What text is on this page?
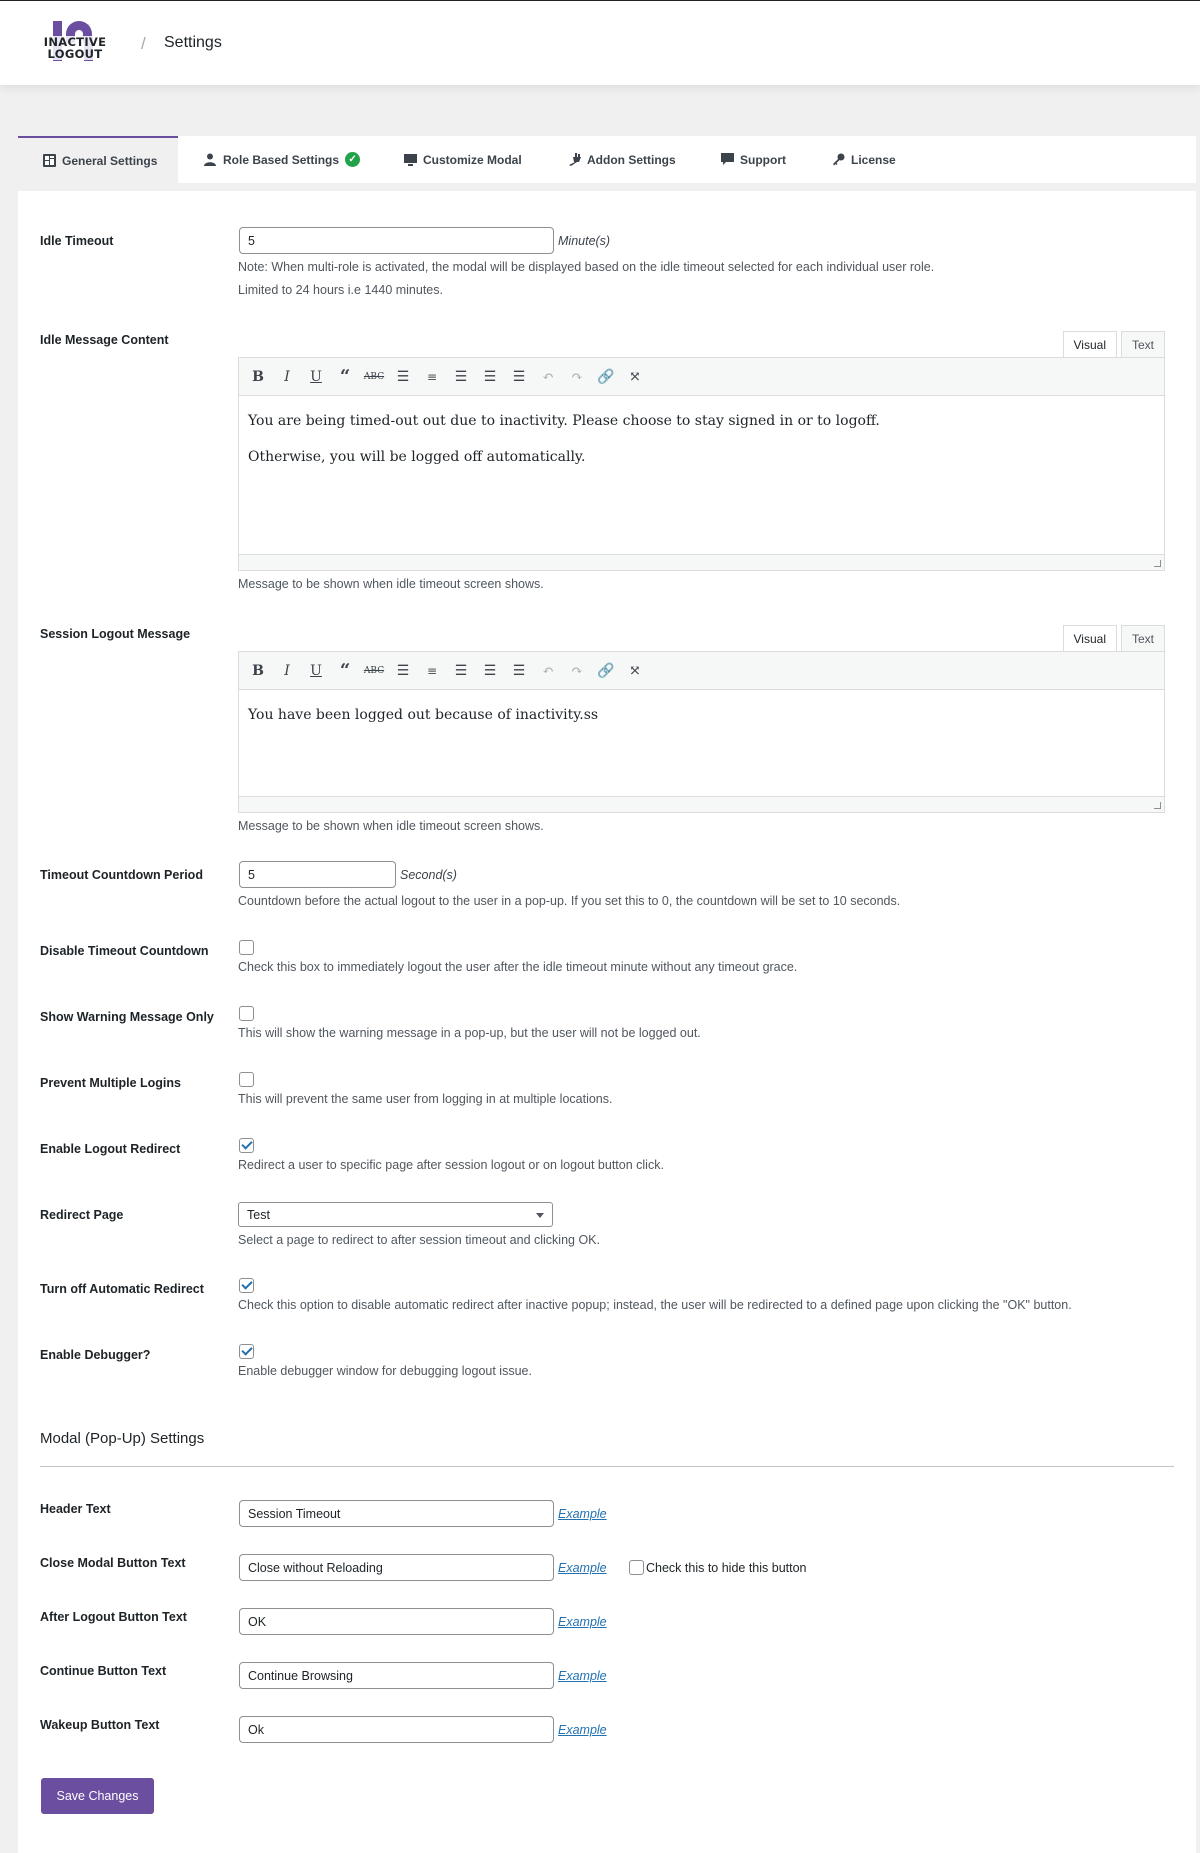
INACTIVE LOGOUT
/ Settings
General Settings	Role Based Settings ✓	Customize Modal	Addon Settings	Support	License
Idle Timeout
5	Minute(s)
Note: When multi-role is activated, the modal will be displayed based on the idle timeout selected for each individual user role.
Limited to 24 hours i.e 1440 minutes.
Idle Message Content	Visual	Text
B	I	U “	ABC ☰	≡ ☰ ☰ ☰ ↶ ↷ 🔗 ⤧

You are being timed-out out due to inactivity. Please choose to stay signed in or to logoff.

Otherwise, you will be logged off automatically.

Message to be shown when idle timeout screen shows.
Session Logout Message	Visual	Text
B	I	U “	ABC ☰	≡ ☰ ☰ ☰ ↶ ↷ 🔗 ⤧

You have been logged out because of inactivity.ss

Message to be shown when idle timeout screen shows.
Timeout Countdown Period
5	Second(s)
Countdown before the actual logout to the user in a pop-up. If you set this to 0, the countdown will be set to 10 seconds.
Disable Timeout Countdown
Check this box to immediately logout the user after the idle timeout minute without any timeout grace.
Show Warning Message Only
This will show the warning message in a pop-up, but the user will not be logged out.
Prevent Multiple Logins
This will prevent the same user from logging in at multiple locations.
Enable Logout Redirect
Redirect a user to specific page after session logout or on logout button click.
Redirect Page	Test
Select a page to redirect to after session timeout and clicking OK.
Turn off Automatic Redirect
Check this option to disable automatic redirect after inactive popup; instead, the user will be redirected to a defined page upon clicking the "OK" button.
Enable Debugger?
Enable debugger window for debugging logout issue.
Modal (Pop-Up) Settings
Header Text
Session Timeout	Example
Close Modal Button Text
Close without Reloading	Example	Check this to hide this button
After Logout Button Text
OK	Example
Continue Button Text
Continue Browsing	Example
Wakeup Button Text
Ok	Example
Save Changes
